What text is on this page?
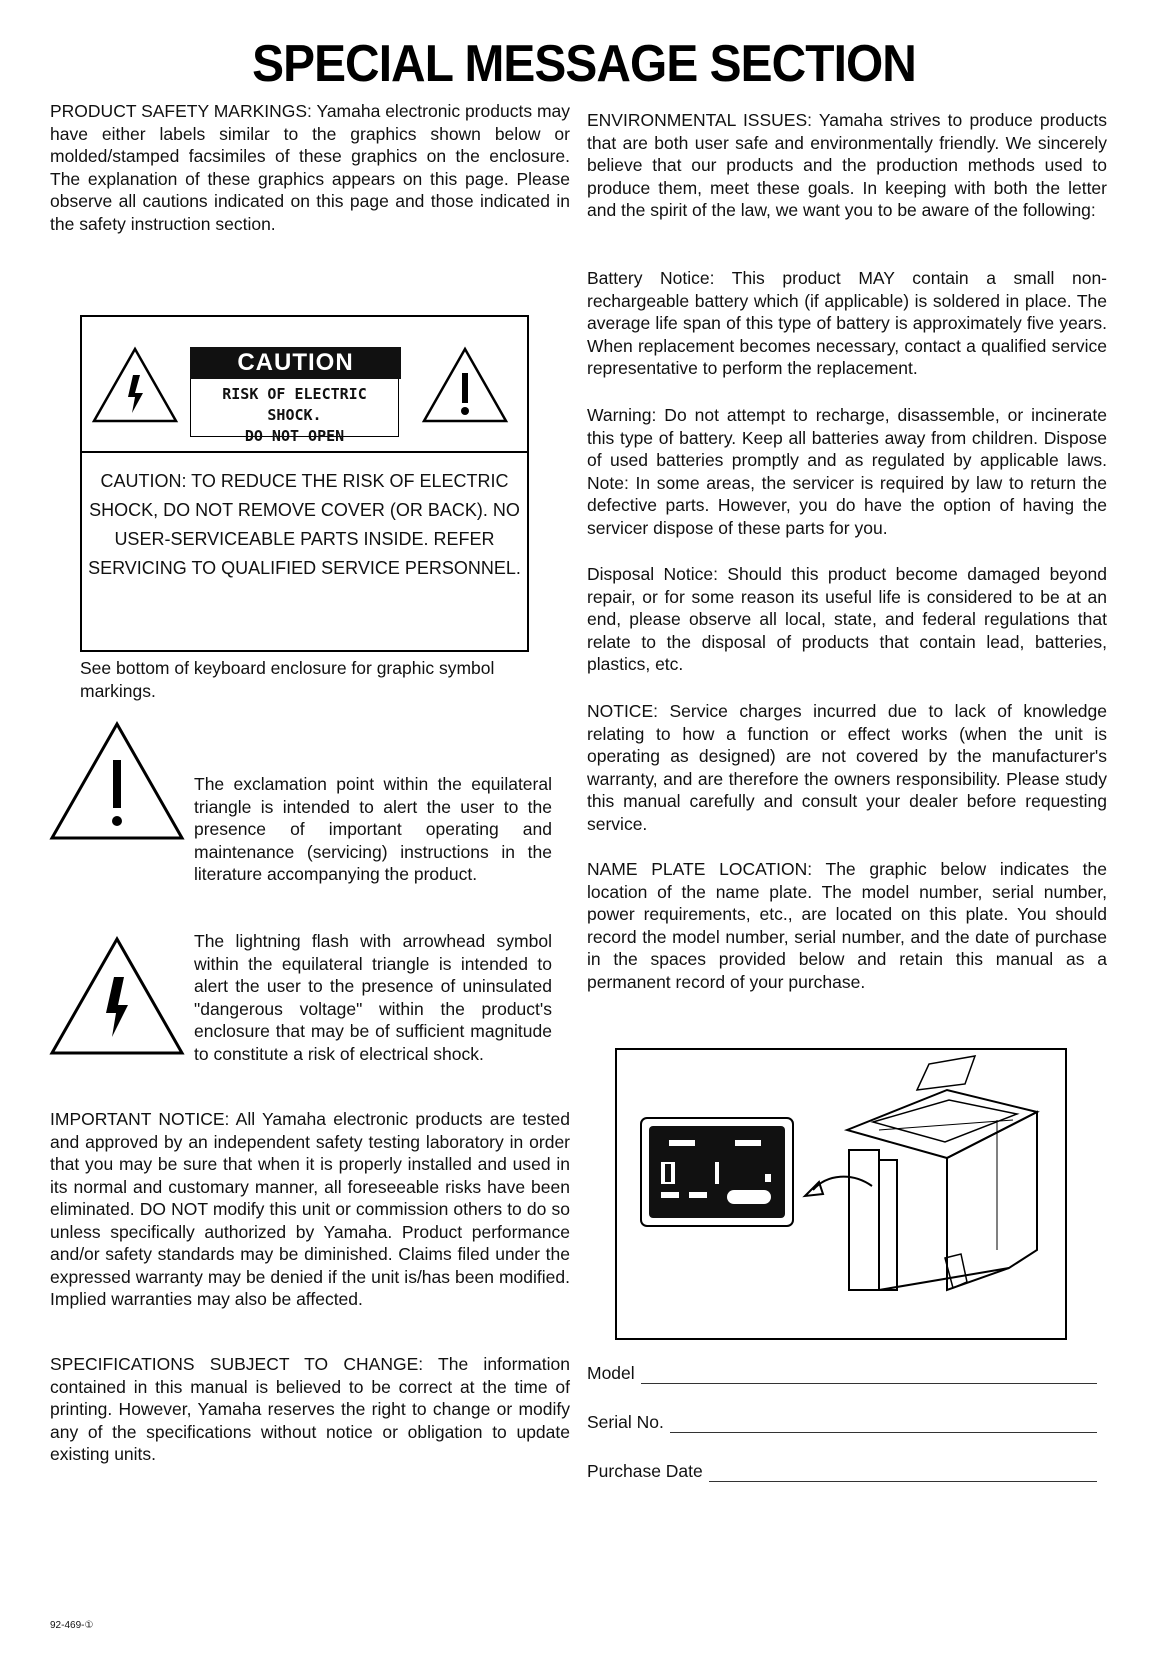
SPECIAL MESSAGE SECTION

PRODUCT SAFETY MARKINGS: Yamaha electronic products may have either labels similar to the graphics shown below or molded/stamped facsimiles of these graphics on the enclosure. The explanation of these graphics appears on this page. Please observe all cautions indicated on this page and those indicated in the safety instruction section.

CAUTION
RISK OF ELECTRIC SHOCK.
DO NOT OPEN

CAUTION: TO REDUCE THE RISK OF ELECTRIC SHOCK, DO NOT REMOVE COVER (OR BACK). NO USER-SERVICEABLE PARTS INSIDE. REFER SERVICING TO QUALIFIED SERVICE PERSONNEL.

See bottom of keyboard enclosure for graphic symbol markings.

The exclamation point within the equilateral triangle is intended to alert the user to the presence of important operating and maintenance (servicing) instructions in the literature accompanying the product.

The lightning flash with arrowhead symbol within the equilateral triangle is intended to alert the user to the presence of uninsulated "dangerous voltage" within the product's enclosure that may be of sufficient magnitude to constitute a risk of electrical shock.

IMPORTANT NOTICE: All Yamaha electronic products are tested and approved by an independent safety testing laboratory in order that you may be sure that when it is properly installed and used in its normal and customary manner, all foreseeable risks have been eliminated. DO NOT modify this unit or commission others to do so unless specifically authorized by Yamaha. Product performance and/or safety standards may be diminished. Claims filed under the expressed warranty may be denied if the unit is/has been modified. Implied warranties may also be affected.

SPECIFICATIONS SUBJECT TO CHANGE: The information contained in this manual is believed to be correct at the time of printing. However, Yamaha reserves the right to change or modify any of the specifications without notice or obligation to update existing units.

ENVIRONMENTAL ISSUES: Yamaha strives to produce products that are both user safe and environmentally friendly. We sincerely believe that our products and the production methods used to produce them, meet these goals. In keeping with both the letter and the spirit of the law, we want you to be aware of the following:

Battery Notice: This product MAY contain a small non-rechargeable battery which (if applicable) is soldered in place. The average life span of this type of battery is approximately five years. When replacement becomes necessary, contact a qualified service representative to perform the replacement.

Warning: Do not attempt to recharge, disassemble, or incinerate this type of battery. Keep all batteries away from children. Dispose of used batteries promptly and as regulated by applicable laws. Note: In some areas, the servicer is required by law to return the defective parts. However, you do have the option of having the servicer dispose of these parts for you.

Disposal Notice: Should this product become damaged beyond repair, or for some reason its useful life is considered to be at an end, please observe all local, state, and federal regulations that relate to the disposal of products that contain lead, batteries, plastics, etc.

NOTICE: Service charges incurred due to lack of knowledge relating to how a function or effect works (when the unit is operating as designed) are not covered by the manufacturer's warranty, and are therefore the owners responsibility. Please study this manual carefully and consult your dealer before requesting service.

NAME PLATE LOCATION: The graphic below indicates the location of the name plate. The model number, serial number, power requirements, etc., are located on this plate. You should record the model number, serial number, and the date of purchase in the spaces provided below and retain this manual as a permanent record of your purchase.

Model
Serial No.
Purchase Date
92-469-①
